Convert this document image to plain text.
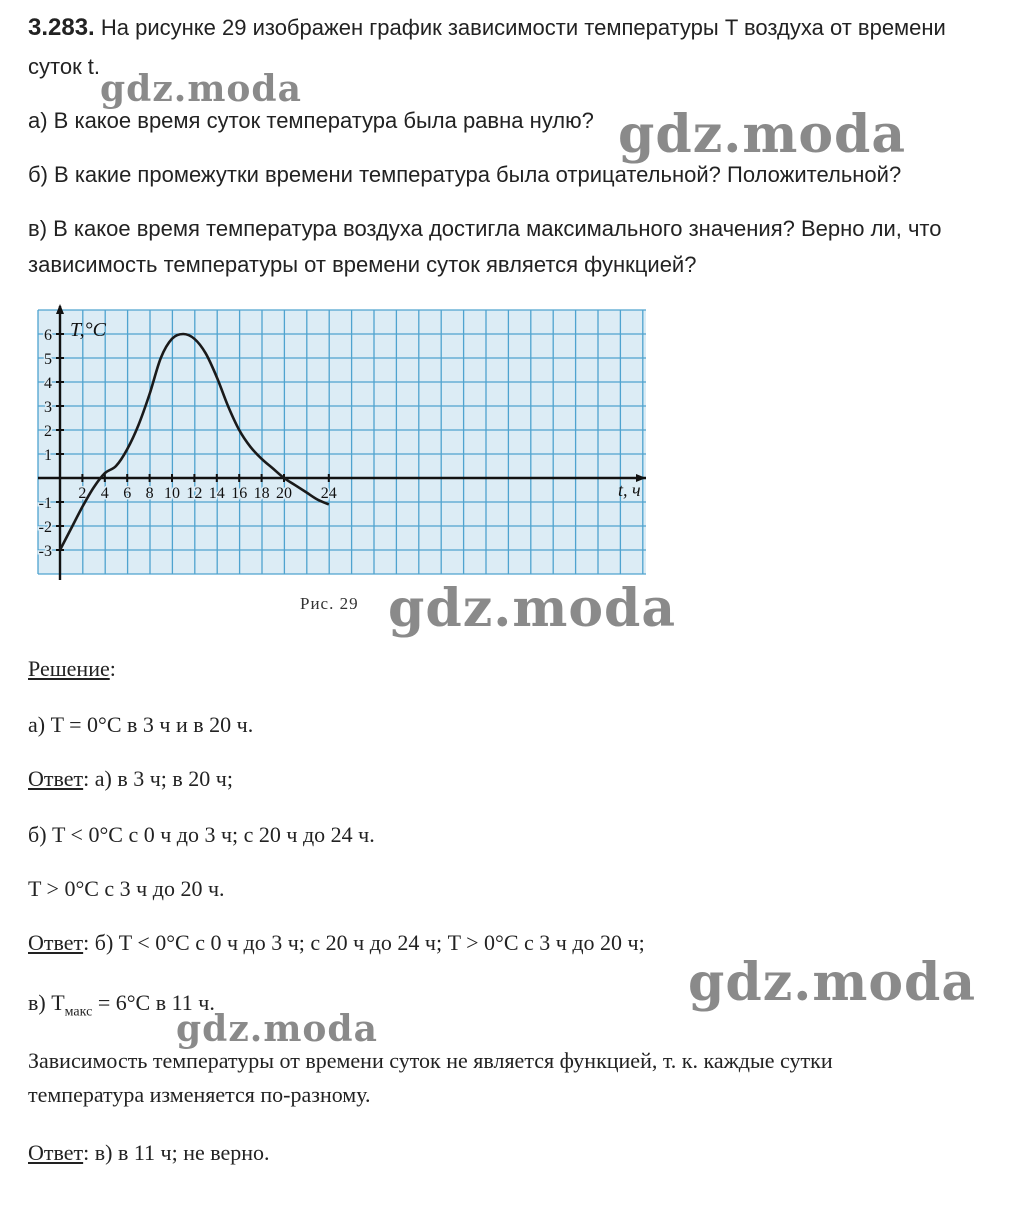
3.283. На рисунке 29 изображен график зависимости температуры T воздуха от времени
суток t.
а) В какое время суток температура была равна нулю?
б) В какие промежутки времени температура была отрицательной? Положительной?
в) В какое время температура воздуха достигла максимального значения? Верно ли, что
зависимость температуры от времени суток является функцией?
2 4 6 8 10 12 14 16 18 20 24
6
5
4
3
2
1
-1
-2
-3
T,°C
t, ч
Рис. 29
Решение:
а) T = 0°C в 3 ч и в 20 ч.
Ответ: а) в 3 ч; в 20 ч;
б) T < 0°C с 0 ч до 3 ч; с 20 ч до 24 ч.
T > 0°C с 3 ч до 20 ч.
Ответ: б) T < 0°C с 0 ч до 3 ч; с 20 ч до 24 ч; T > 0°C с 3 ч до 20 ч;
в) $T_{макс} = 6^\circ C$ в 11 ч.
Зависимость температуры от времени суток не является функцией, т. к. каждые сутки
температура изменяется по-разному.
Ответ: в) в 11 ч; не верно.
gdz.moda
gdz.moda
gdz.moda
gdz.moda
gdz.moda
